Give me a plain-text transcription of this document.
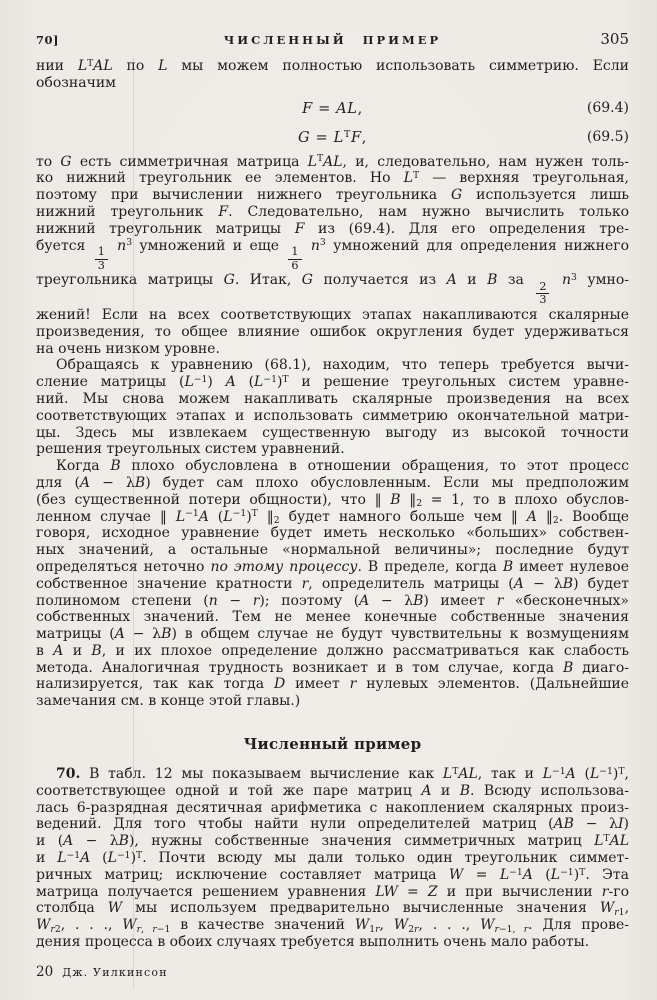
70]	ЧИСЛЕННЫЙ ПРИМЕР	305
нии $L^TAL$ по L мы можем полностью использовать симметрию. Если
обозначим
F = AL,	(69.4)
$G = L^TF$,	(69.5)
то G есть симметричная матрица $L^TAL$, и, следовательно, нам нужен толь-
ко нижний треугольник ее элементов. Но $L^T$ — верхняя треугольная,
поэтому при вычислении нижнего треугольника G используется лишь
нижний треугольник F. Следовательно, нам нужно вычислить только
нижний треугольник матрицы F из (69.4). Для его определения тре-
буется
$\frac{1}{3}$
$n^3$ умножений и еще
$\frac{1}{6}$
$n^3$ умножений для определения нижнего
треугольника матрицы G. Итак, G получается из A и B за
$\frac{2}{3}$
$n^3$ умно-
жений! Если на всех соответствующих этапах накапливаются скалярные
произведения, то общее влияние ошибок округления будет удерживаться
на очень низком уровне.
Обращаясь к уравнению (68.1), находим, что теперь требуется вычи-
сление матрицы $(L^{-1})$ A $(L^{-1})^T$ и решение треугольных систем уравне-
ний. Мы снова можем накапливать скалярные произведения на всех
соответствующих этапах и использовать симметрию окончательной матри-
цы. Здесь мы извлекаем существенную выгоду из высокой точности
решения треугольных систем уравнений.
Когда B плохо обусловлена в отношении обращения, то этот процесс
для (A − λB) будет сам плохо обусловленным. Если мы предположим
(без существенной потери общности), что ‖ B $‖_2 = 1$, то в плохо обуслов-
ленном случае ‖ $L^{-1}A$ $(L^{-1})^T$ $‖_2$ будет намного больше чем ‖ A $‖_2$. Вообще
говоря, исходное уравнение будет иметь несколько «больших» собствен-
ных значений, а остальные «нормальной величины»; последние будут
определяться неточно по этому процессу. В пределе, когда B имеет нулевое
собственное значение кратности r, определитель матрицы (A − λB) будет
полиномом степени (n − r); поэтому (A − λB) имеет r «бесконечных»
собственных значений. Тем не менее конечные собственные значения
матрицы (A − λB) в общем случае не будут чувствительны к возмущениям
в A и B, и их плохое определение должно рассматриваться как слабость
метода. Аналогичная трудность возникает и в том случае, когда B диаго-
нализируется, так как тогда D имеет r нулевых элементов. (Дальнейшие
замечания см. в конце этой главы.)
Численный пример
70. В табл. 12 мы показываем вычисление как $L^TAL$, так и $L^{-1}A$ $(L^{-1})^T$,
соответствующее одной и той же паре матриц A и B. Всюду использова-
лась 6-разрядная десятичная арифметика с накоплением скалярных произ-
ведений. Для того чтобы найти нули определителей матриц (AB − λI)
и (A − λB), нужны собственные значения симметричных матриц $L^TAL$
и $L^{-1}A$ $(L^{-1})^T$. Почти всюду мы дали только один треугольник симмет-
ричных матриц; исключение составляет матрица $W = L^{-1}A$ $(L^{-1})^T$. Эта
матрица получается решением уравнения LW = Z и при вычислении r-го
столбца W мы используем предварительно вычисленные значения $W_{r1}$,
$W_{r2}$, . . ., $W_{r, r-1}$ в качестве значений $W_{1r}$, $W_{2r}$, . . ., $W_{r-1, r}$. Для прове-
дения процесса в обоих случаях требуется выполнить очень мало работы.
20 Дж. Уилкинсон
